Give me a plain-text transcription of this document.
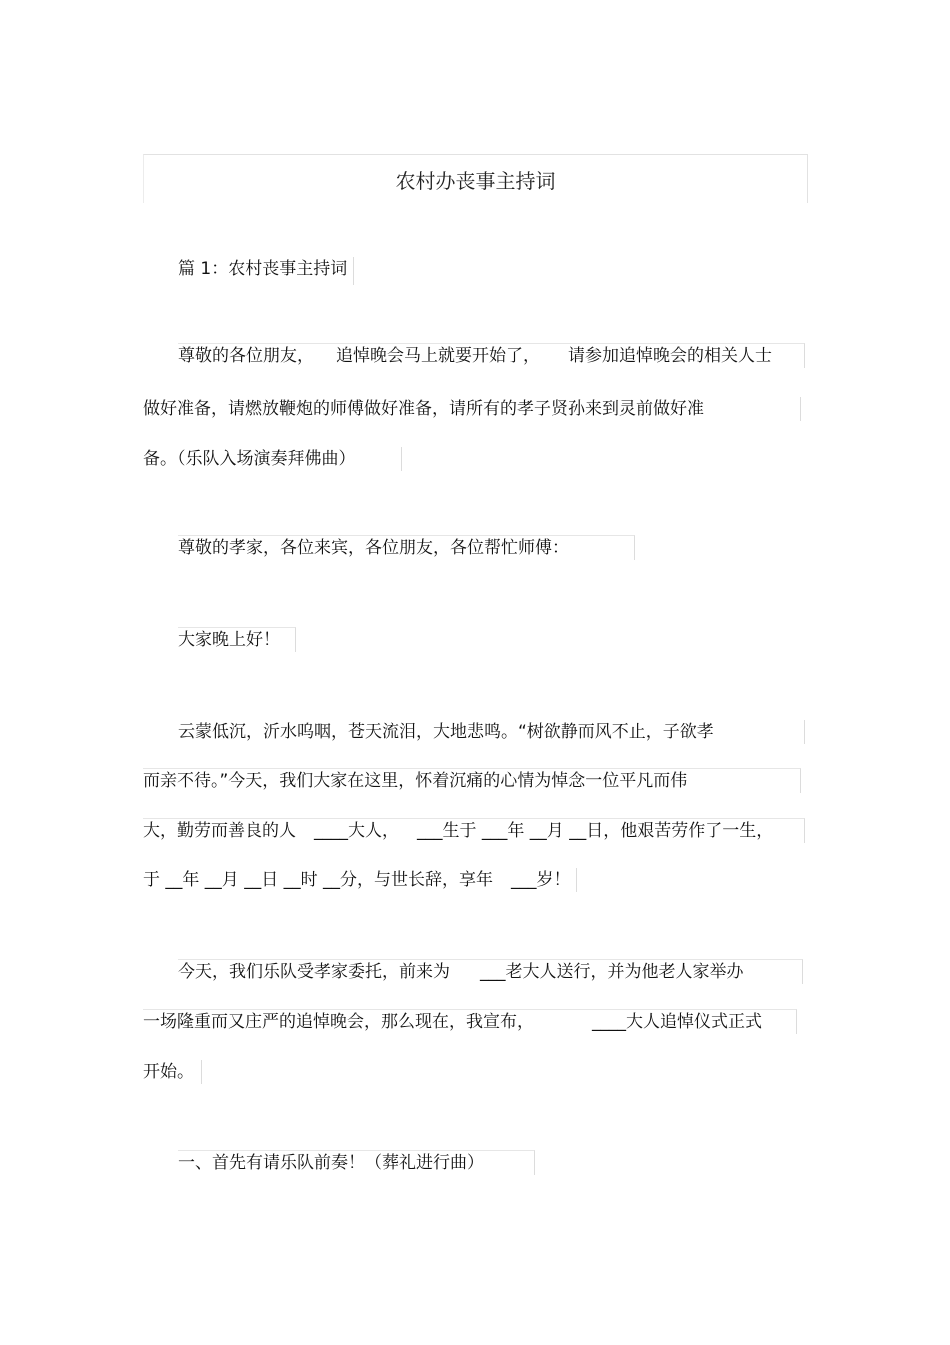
农村办丧事主持词
篇 1：农村丧事主持词
尊敬的各位朋友， 追悼晚会马上就要开始了， 请参加追悼晚会的相关人士
做好准备，请燃放鞭炮的师傅做好准备，请所有的孝子贤孙来到灵前做好准
备。（乐队入场演奏拜佛曲）
尊敬的孝家，各位来宾，各位朋友，各位帮忙师傅：
大家晚上好！
云蒙低沉，沂水呜咽，苍天流泪，大地悲鸣。“树欲静而风不止，子欲孝
而亲不待。”今天，我们大家在这里，怀着沉痛的心情为悼念一位平凡而伟
大，勤劳而善良的人 ____大人， ___生于 ___年 __月 __日，他艰苦劳作了一生，
于 __年 __月 __日 __时 __分，与世长辞，享年 ___岁！
今天，我们乐队受孝家委托，前来为 ___老大人送行，并为他老人家举办
一场隆重而又庄严的追悼晚会，那么现在，我宣布，	____大人追悼仪式正式
开始。
一、首先有请乐队前奏！（葬礼进行曲）
